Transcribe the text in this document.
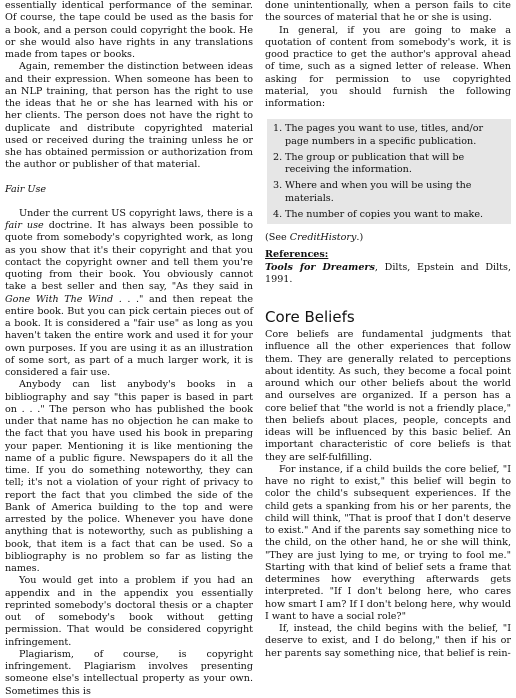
essentially identical performance of the seminar. Of course, the tape could be used as the basis for a book, and a person could copyright the book. He or she would also have rights in any translations made from tapes or books.

Again, remember the distinction between ideas and their expression. When someone has been to an NLP training, that person has the right to use the ideas that he or she has learned with his or her clients. The person does not have the right to duplicate and distribute copyrighted material used or received during the training unless he or she has obtained permission or authorization from the author or publisher of that material.

Fair Use

Under the current US copyright laws, there is a fair use doctrine. It has always been possible to quote from somebody's copyrighted work, as long as you show that it's their copyright and that you contact the copyright owner and tell them you're quoting from their book. You obviously cannot take a best seller and then say, "As they said in Gone With The Wind . . ." and then repeat the entire book. But you can pick certain pieces out of a book. It is considered a "fair use" as long as you haven't taken the entire work and used it for your own purposes. If you are using it as an illustration of some sort, as part of a much larger work, it is considered a fair use.

Anybody can list anybody's books in a bibliography and say "this paper is based in part on . . ." The person who has published the book under that name has no objection he can make to the fact that you have used his book in preparing your paper. Mentioning it is like mentioning the name of a public figure. Newspapers do it all the time. If you do something noteworthy, they can tell; it's not a violation of your right of privacy to report the fact that you climbed the side of the Bank of America building to the top and were arrested by the police. Whenever you have done anything that is noteworthy, such as publishing a book, that item is a fact that can be used. So a bibliography is no problem so far as listing the names.

You would get into a problem if you had an appendix and in the appendix you essentially reprinted somebody's doctoral thesis or a chapter out of somebody's book without getting permission. That would be considered copyright infringement.

Plagiarism, of course, is copyright infringement. Plagiarism involves presenting someone else's intellectual property as your own. Sometimes this is

done unintentionally, when a person fails to cite the sources of material that he or she is using.

In general, if you are going to make a quotation of content from somebody's work, it is good practice to get the author's approval ahead of time, such as a signed letter of release. When asking for permission to use copyrighted material, you should furnish the following information:

1. The pages you want to use, titles, and/or page numbers in a specific publication.
2. The group or publication that will be receiving the information.
3. Where and when you will be using the materials.
4. The number of copies you want to make.

(See CreditHistory.)

References:

Tools for Dreamers, Dilts, Epstein and Dilts, 1991.

Core Beliefs

Core beliefs are fundamental judgments that influence all the other experiences that follow them. They are generally related to perceptions about identity. As such, they become a focal point around which our other beliefs about the world and ourselves are organized. If a person has a core belief that "the world is not a friendly place," then beliefs about places, people, concepts and ideas will be influenced by this basic belief. An important characteristic of core beliefs is that they are self-fulfilling.

For instance, if a child builds the core belief, "I have no right to exist," this belief will begin to color the child's subsequent experiences. If the child gets a spanking from his or her parents, the child will think, "That is proof that I don't deserve to exist." And if the parents say something nice to the child, on the other hand, he or she will think, "They are just lying to me, or trying to fool me." Starting with that kind of belief sets a frame that determines how everything afterwards gets interpreted. "If I don't belong here, who cares how smart I am? If I don't belong here, why would I want to have a social role?"

If, instead, the child begins with the belief, "I deserve to exist, and I do belong," then if his or her parents say something nice, that belief is rein-
